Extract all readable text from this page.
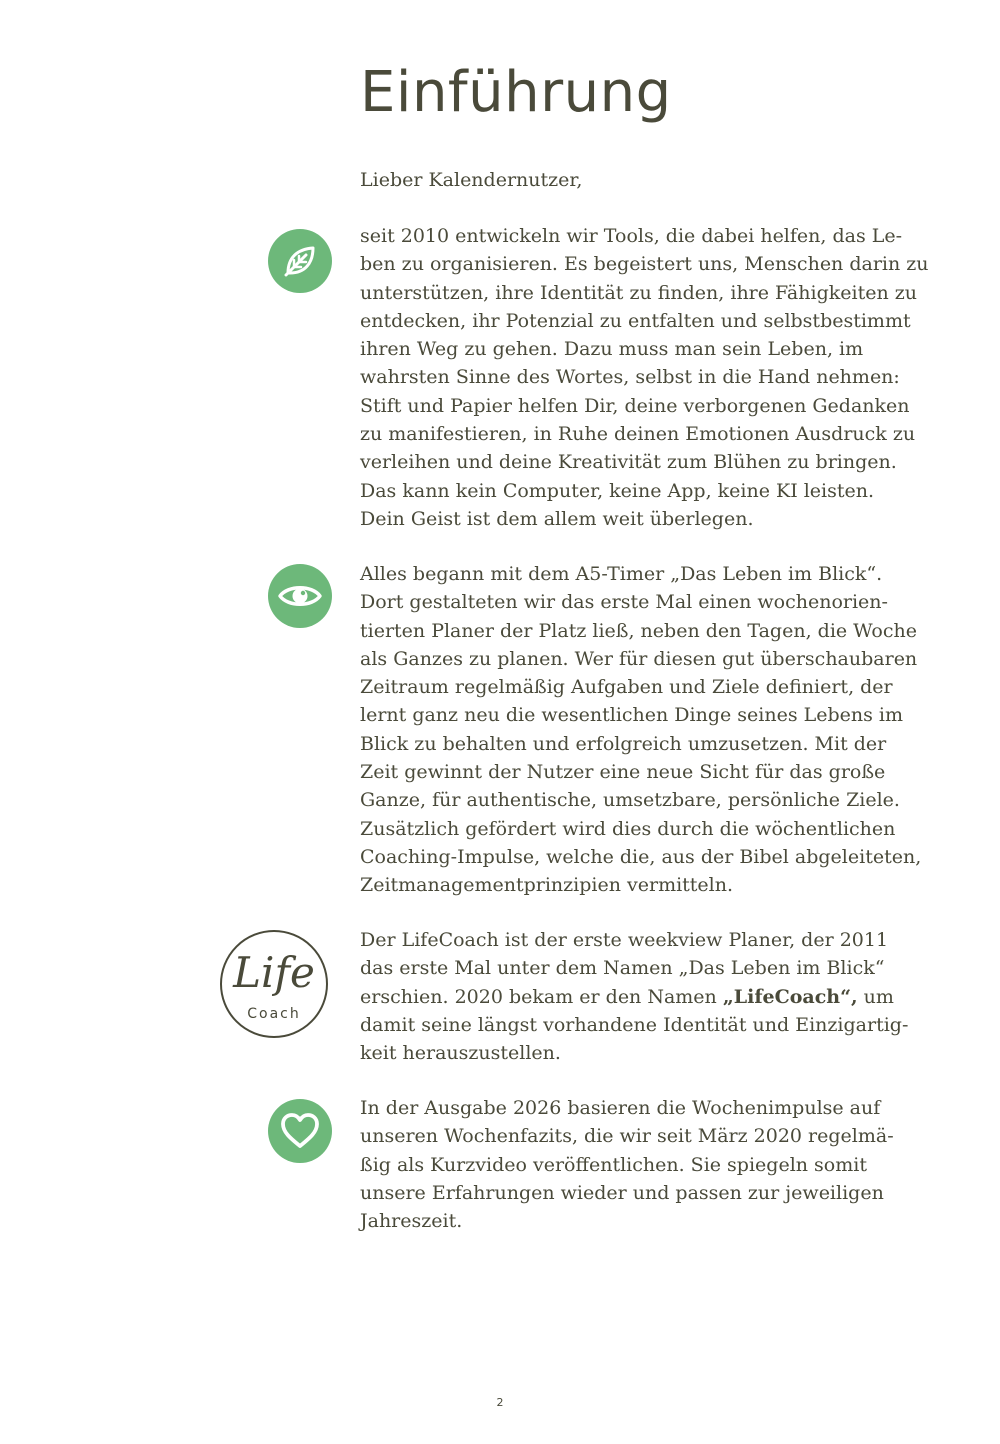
Einführung

Lieber Kalendernutzer,

seit 2010 entwickeln wir Tools, die dabei helfen, das Le-
ben zu organisieren. Es begeistert uns, Menschen darin zu
unterstützen, ihre Identität zu finden, ihre Fähigkeiten zu
entdecken, ihr Potenzial zu entfalten und selbstbestimmt
ihren Weg zu gehen. Dazu muss man sein Leben, im
wahrsten Sinne des Wortes, selbst in die Hand nehmen:
Stift und Papier helfen Dir, deine verborgenen Gedanken
zu manifestieren, in Ruhe deinen Emotionen Ausdruck zu
verleihen und deine Kreativität zum Blühen zu bringen.
Das kann kein Computer, keine App, keine KI leisten.
Dein Geist ist dem allem weit überlegen.
Alles begann mit dem A5-Timer „Das Leben im Blick“.
Dort gestalteten wir das erste Mal einen wochenorien-
tierten Planer der Platz ließ, neben den Tagen, die Woche
als Ganzes zu planen. Wer für diesen gut überschaubaren
Zeitraum regelmäßig Aufgaben und Ziele definiert, der
lernt ganz neu die wesentlichen Dinge seines Lebens im
Blick zu behalten und erfolgreich umzusetzen. Mit der
Zeit gewinnt der Nutzer eine neue Sicht für das große
Ganze, für authentische, umsetzbare, persönliche Ziele.
Zusätzlich gefördert wird dies durch die wöchentlichen
Coaching-Impulse, welche die, aus der Bibel abgeleiteten,
Zeitmanagementprinzipien vermitteln.
Life
Coach
Der LifeCoach ist der erste weekview Planer, der 2011
das erste Mal unter dem Namen „Das Leben im Blick“
erschien. 2020 bekam er den Namen „LifeCoach“, um
damit seine längst vorhandene Identität und Einzigartig-
keit herauszustellen.
In der Ausgabe 2026 basieren die Wochenimpulse auf
unseren Wochenfazits, die wir seit März 2020 regelmä-
ßig als Kurzvideo veröffentlichen. Sie spiegeln somit
unsere Erfahrungen wieder und passen zur jeweiligen
Jahreszeit.
2
